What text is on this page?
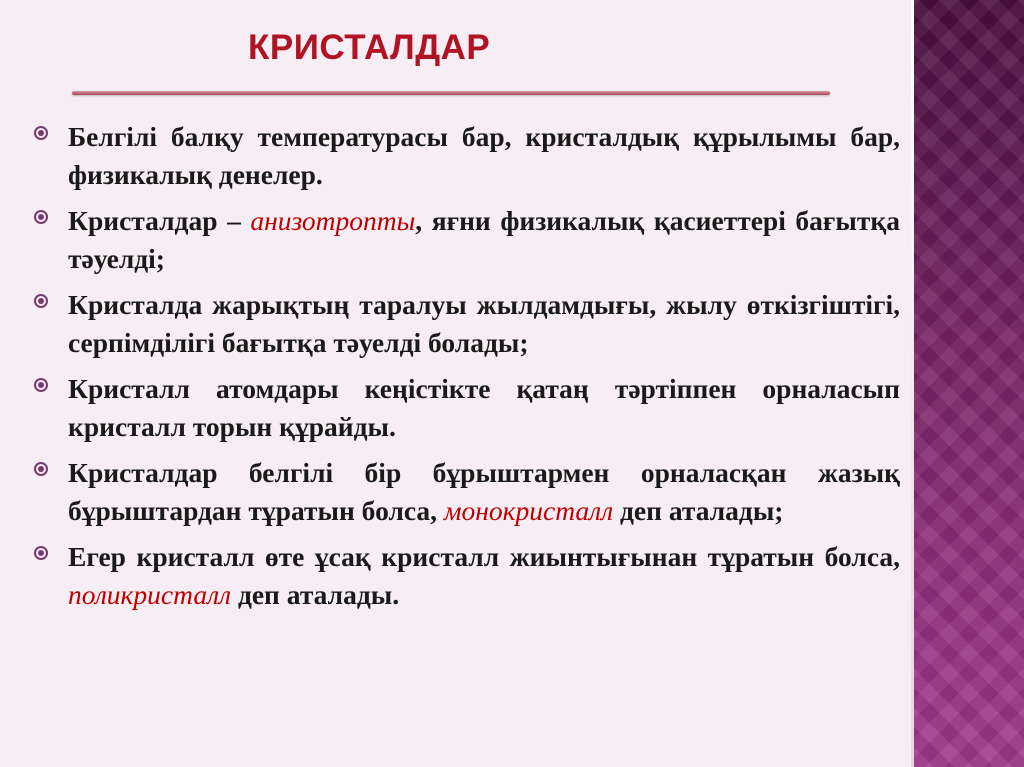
КРИСТАЛДАР
Белгілі балқу температурасы бар, кристалдық құрылымы бар, физикалық денелер.
Кристалдар – анизотропты, яғни физикалық қасиеттері бағытқа тәуелді;
Кристалда жарықтың таралуы жылдамдығы, жылу өткізгіштігі, серпімділігі бағытқа тәуелді болады;
Кристалл атомдары кеңістікте қатаң тәртіппен орналасып кристалл торын құрайды.
Кристалдар белгілі бір бұрыштармен орналасқан жазық бұрыштардан тұратын болса, монокристалл деп аталады;
Егер кристалл өте ұсақ кристалл жиынтығынан тұратын болса, поликристалл деп аталады.
